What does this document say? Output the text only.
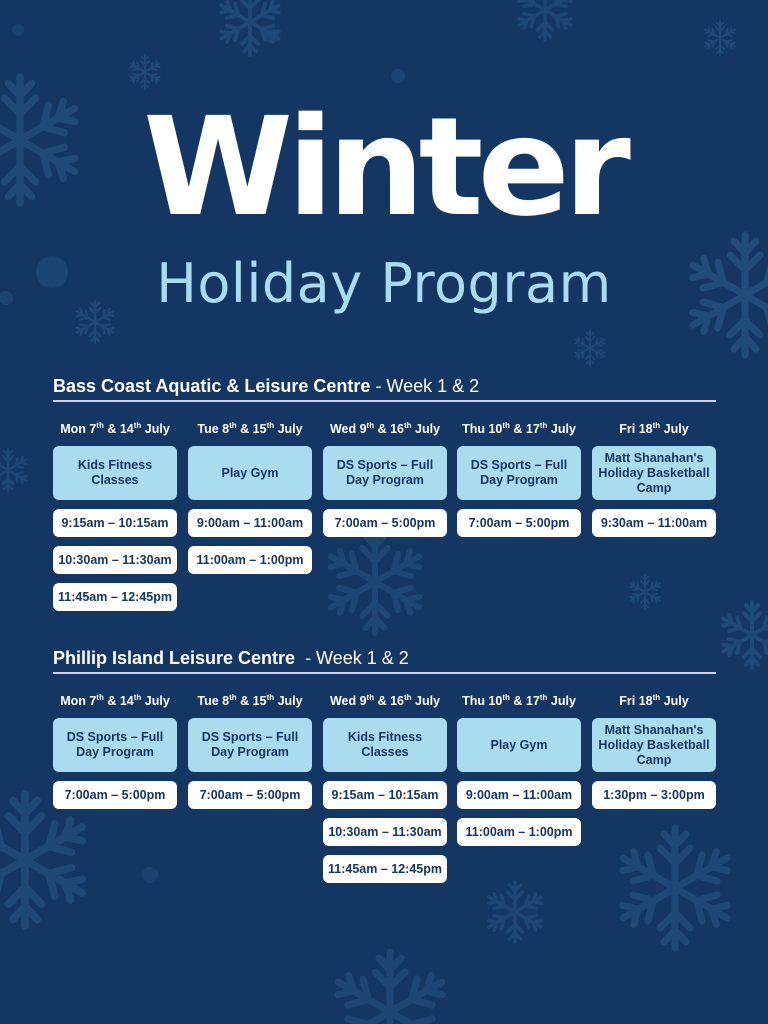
Winter
Holiday Program
Bass Coast Aquatic & Leisure Centre - Week 1 & 2
Mon 7th & 14th July
Kids Fitness Classes
9:15am – 10:15am
10:30am – 11:30am
11:45am – 12:45pm
Tue 8th & 15th July
Play Gym
9:00am – 11:00am
11:00am – 1:00pm
Wed 9th & 16th July
DS Sports – Full Day Program
7:00am – 5:00pm
Thu 10th & 17th July
DS Sports – Full Day Program
7:00am – 5:00pm
Fri 18th July
Matt Shanahan's Holiday Basketball Camp
9:30am – 11:00am
Phillip Island Leisure Centre  - Week 1 & 2
Mon 7th & 14th July
DS Sports – Full Day Program
7:00am – 5:00pm
Tue 8th & 15th July
DS Sports – Full Day Program
7:00am – 5:00pm
Wed 9th & 16th July
Kids Fitness Classes
9:15am – 10:15am
10:30am – 11:30am
11:45am – 12:45pm
Thu 10th & 17th July
Play Gym
9:00am – 11:00am
11:00am – 1:00pm
Fri 18th July
Matt Shanahan's Holiday Basketball Camp
1:30pm – 3:00pm
